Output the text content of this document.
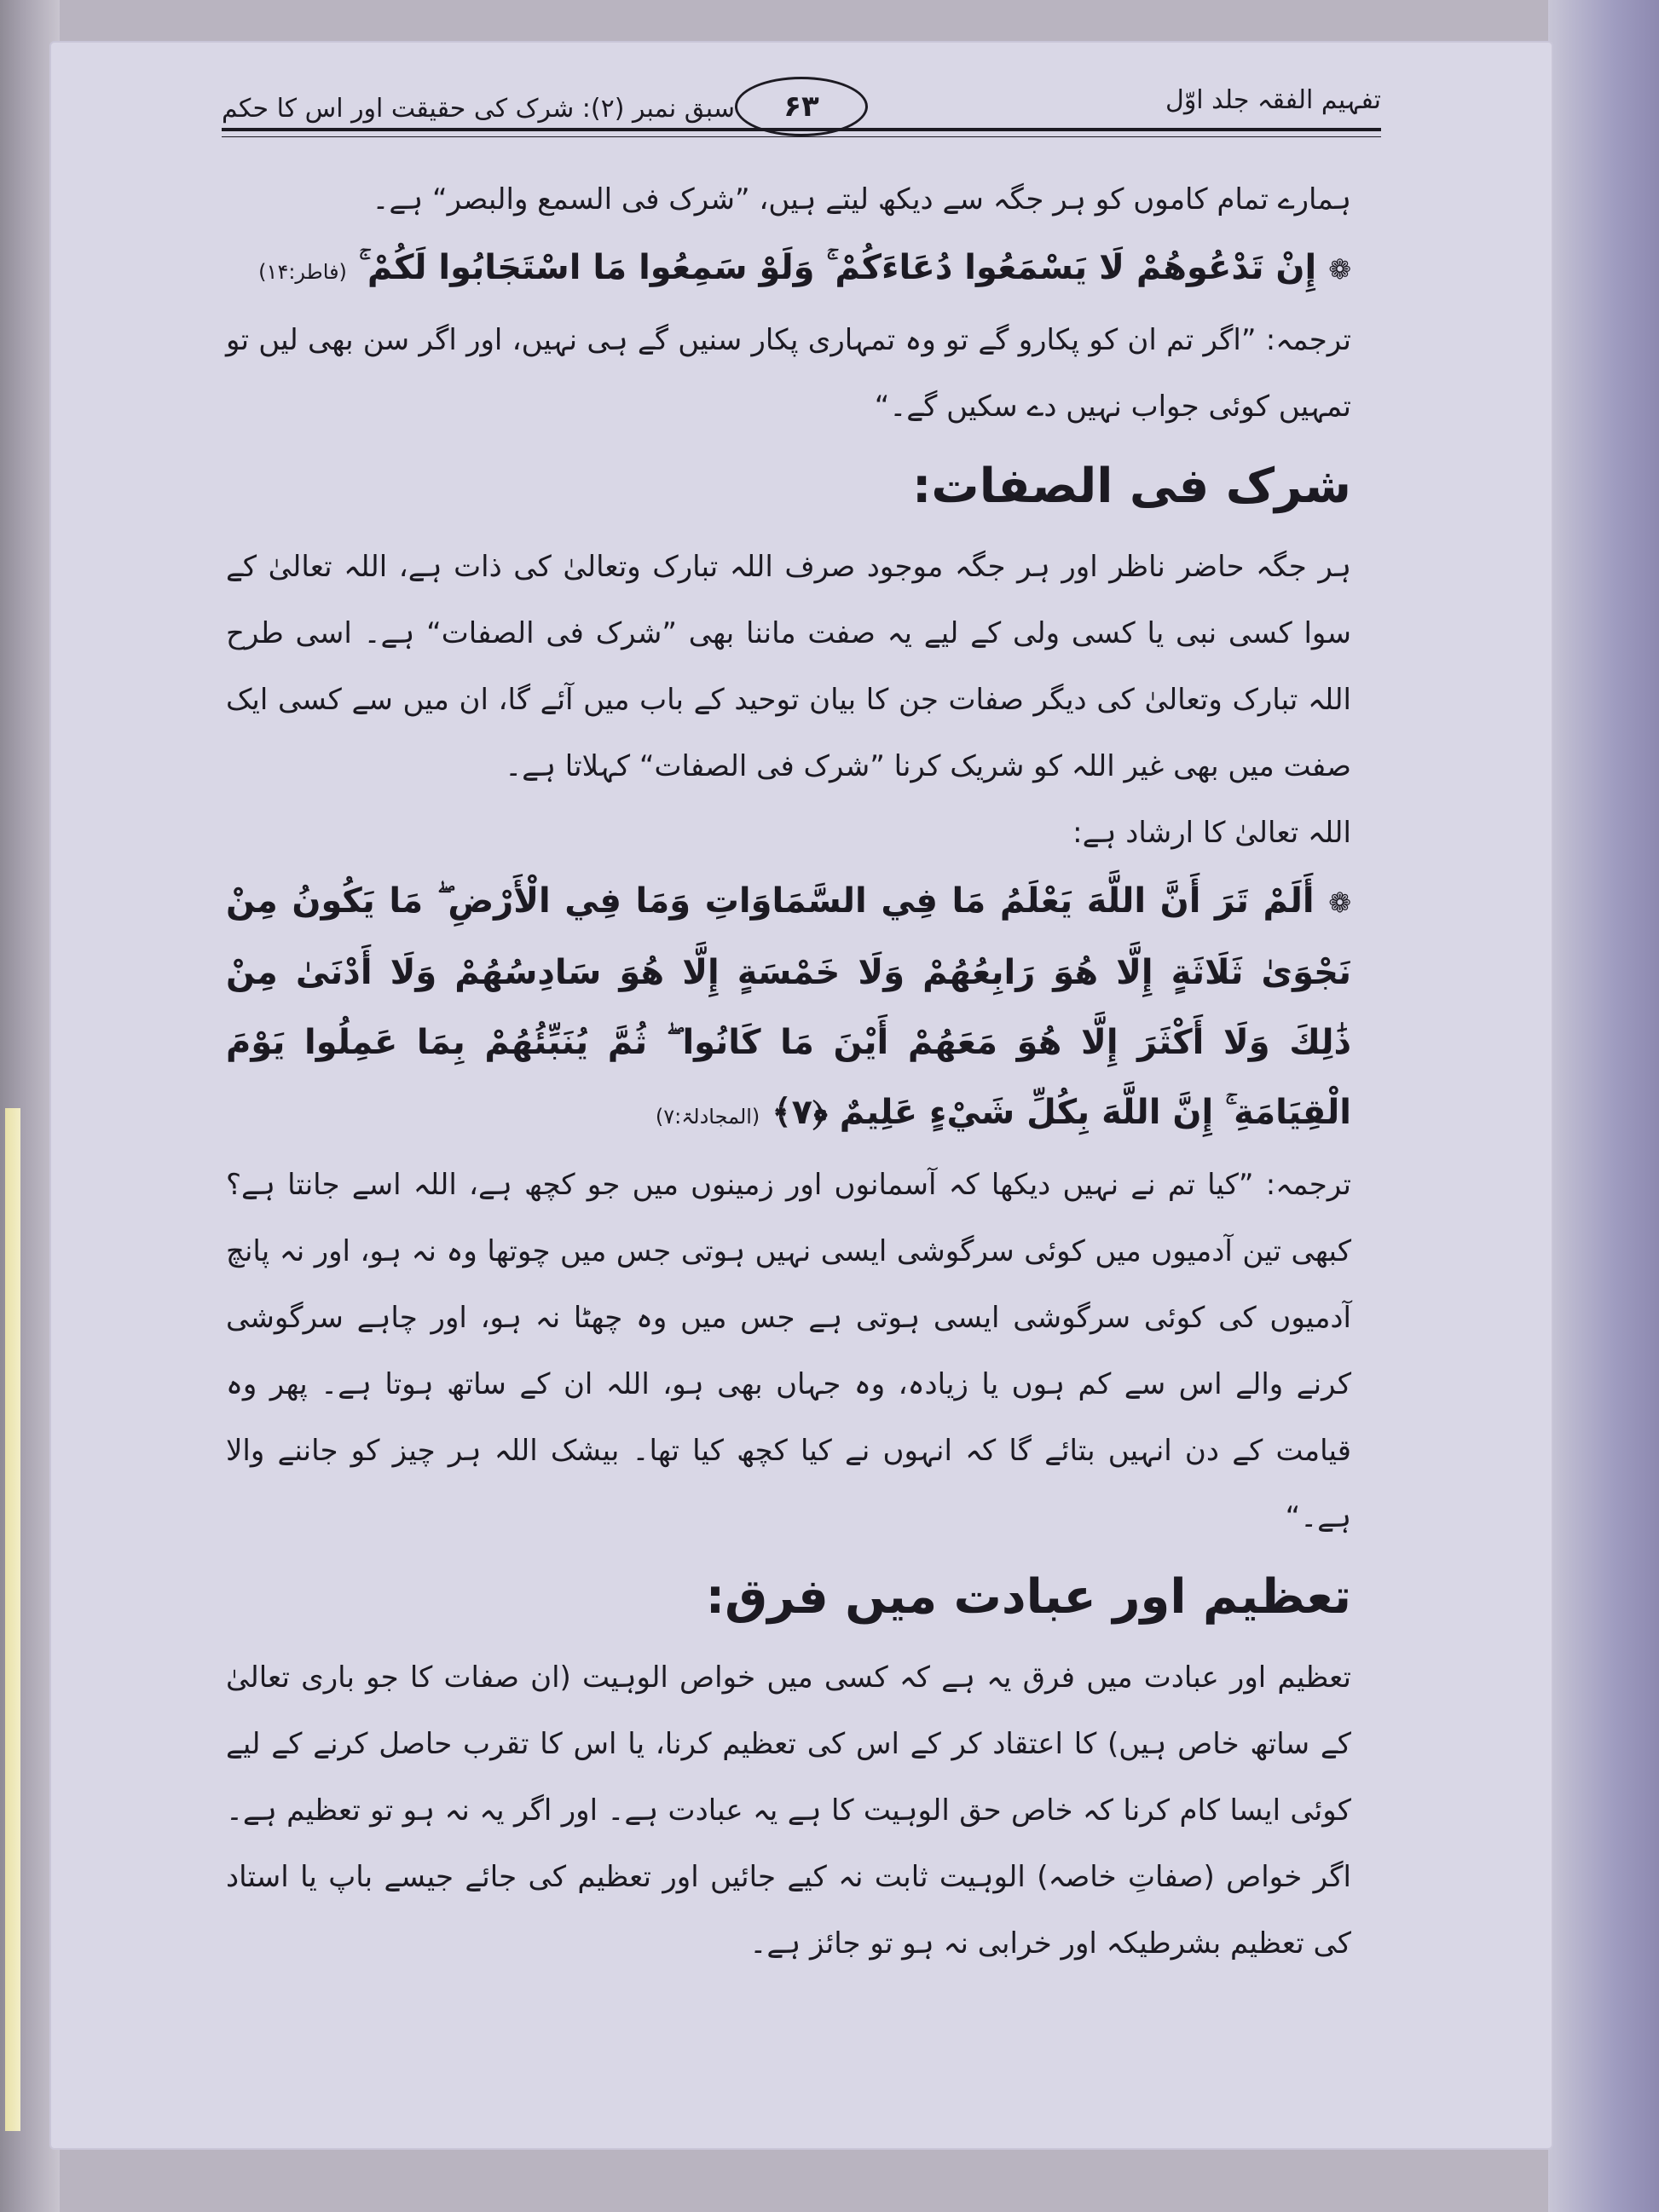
تفہیم الفقہ جلد اوّل
۶۳
سبق نمبر (۲): شرک کی حقیقت اور اس کا حکم

ہمارے تمام کاموں کو ہر جگہ سے دیکھ لیتے ہیں، ”شرک فی السمع والبصر“ ہے۔

❁ إِنْ تَدْعُوهُمْ لَا يَسْمَعُوا دُعَاءَكُمْ ۚ وَلَوْ سَمِعُوا مَا اسْتَجَابُوا لَكُمْ ۚ (فاطر:۱۴)

ترجمہ: ”اگر تم ان کو پکارو گے تو وہ تمہاری پکار سنیں گے ہی نہیں، اور اگر سن بھی لیں تو تمہیں کوئی جواب نہیں دے سکیں گے۔“

شرک فی الصفات:

ہر جگہ حاضر ناظر اور ہر جگہ موجود صرف اللہ تبارک وتعالیٰ کی ذات ہے، اللہ تعالیٰ کے سوا کسی نبی یا کسی ولی کے لیے یہ صفت ماننا بھی ”شرک فی الصفات“ ہے۔ اسی طرح اللہ تبارک وتعالیٰ کی دیگر صفات جن کا بیان توحید کے باب میں آئے گا، ان میں سے کسی ایک صفت میں بھی غیر اللہ کو شریک کرنا ”شرک فی الصفات“ کہلاتا ہے۔

اللہ تعالیٰ کا ارشاد ہے:

❁ أَلَمْ تَرَ أَنَّ اللَّهَ يَعْلَمُ مَا فِي السَّمَاوَاتِ وَمَا فِي الْأَرْضِ ۖ مَا يَكُونُ مِنْ نَجْوَىٰ ثَلَاثَةٍ إِلَّا هُوَ رَابِعُهُمْ وَلَا خَمْسَةٍ إِلَّا هُوَ سَادِسُهُمْ وَلَا أَدْنَىٰ مِنْ ذَٰلِكَ وَلَا أَكْثَرَ إِلَّا هُوَ مَعَهُمْ أَيْنَ مَا كَانُوا ۖ ثُمَّ يُنَبِّئُهُمْ بِمَا عَمِلُوا يَوْمَ الْقِيَامَةِ ۚ إِنَّ اللَّهَ بِكُلِّ شَيْءٍ عَلِيمٌ ﴿٧﴾ (المجادلۃ:۷)

ترجمہ: ”کیا تم نے نہیں دیکھا کہ آسمانوں اور زمینوں میں جو کچھ ہے، اللہ اسے جانتا ہے؟ کبھی تین آدمیوں میں کوئی سرگوشی ایسی نہیں ہوتی جس میں چوتھا وہ نہ ہو، اور نہ پانچ آدمیوں کی کوئی سرگوشی ایسی ہوتی ہے جس میں وہ چھٹا نہ ہو، اور چاہے سرگوشی کرنے والے اس سے کم ہوں یا زیادہ، وہ جہاں بھی ہو، اللہ ان کے ساتھ ہوتا ہے۔ پھر وہ قیامت کے دن انہیں بتائے گا کہ انہوں نے کیا کچھ کیا تھا۔ بیشک اللہ ہر چیز کو جاننے والا ہے۔“

تعظیم اور عبادت میں فرق:

تعظیم اور عبادت میں فرق یہ ہے کہ کسی میں خواص الوہیت (ان صفات کا جو باری تعالیٰ کے ساتھ خاص ہیں) کا اعتقاد کر کے اس کی تعظیم کرنا، یا اس کا تقرب حاصل کرنے کے لیے کوئی ایسا کام کرنا کہ خاص حق الوہیت کا ہے یہ عبادت ہے۔ اور اگر یہ نہ ہو تو تعظیم ہے۔ اگر خواص (صفاتِ خاصہ) الوہیت ثابت نہ کیے جائیں اور تعظیم کی جائے جیسے باپ یا استاد کی تعظیم بشرطیکہ اور خرابی نہ ہو تو جائز ہے۔
